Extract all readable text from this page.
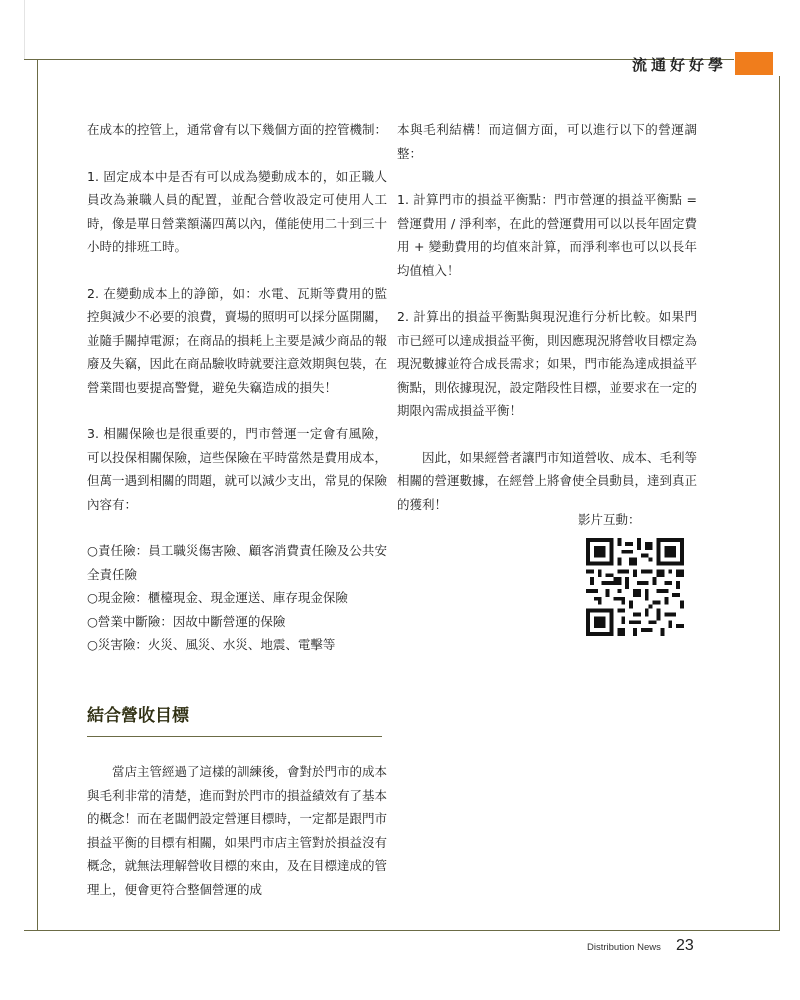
流通好好學

在成本的控管上，通常會有以下幾個方面的控管機制：

1. 固定成本中是否有可以成為變動成本的，如正職人員改為兼職人員的配置，並配合營收設定可使用人工時，像是單日營業額滿四萬以內，僅能使用二十到三十小時的排班工時。

2. 在變動成本上的諍節，如：水電、瓦斯等費用的監控與減少不必要的浪費，賣場的照明可以採分區開關，並隨手關掉電源；在商品的損耗上主要是減少商品的報廢及失竊，因此在商品驗收時就要注意效期與包裝，在營業間也要提高警覺，避免失竊造成的損失！

3. 相關保險也是很重要的，門市營運一定會有風險，可以投保相關保險，這些保險在平時當然是費用成本，但萬一遇到相關的問題，就可以減少支出，常見的保險內容有：

○責任險：員工職災傷害險、顧客消費責任險及公共安全責任險

○現金險：櫃檯現金、現金運送、庫存現金保險

○營業中斷險：因故中斷營運的保險

○災害險：火災、風災、水災、地震、電擊等

結合營收目標

當店主管經過了這樣的訓練後，會對於門市的成本與毛利非常的清楚，進而對於門市的損益績效有了基本的概念！而在老闆們設定營運目標時，一定都是跟門市損益平衡的目標有相關，如果門市店主管對於損益沒有概念，就無法理解營收目標的來由，及在目標達成的管理上，便會更符合整個營運的成

本與毛利結構！而這個方面，可以進行以下的營運調整：

1. 計算門市的損益平衡點：門市營運的損益平衡點 = 營運費用 / 淨利率，在此的營運費用可以以長年固定費用 + 變動費用的均值來計算，而淨利率也可以以長年均值植入！

2. 計算出的損益平衡點與現況進行分析比較。如果門市已經可以達成損益平衡，則因應現況將營收目標定為現況數據並符合成長需求；如果，門市能為達成損益平衡點，則依據現況，設定階段性目標，並要求在一定的期限內需成損益平衡！

因此，如果經營者讓門市知道營收、成本、毛利等相關的營運數據，在經營上將會使全員動員，達到真正的獲利！

影片互動：
Distribution News 23
